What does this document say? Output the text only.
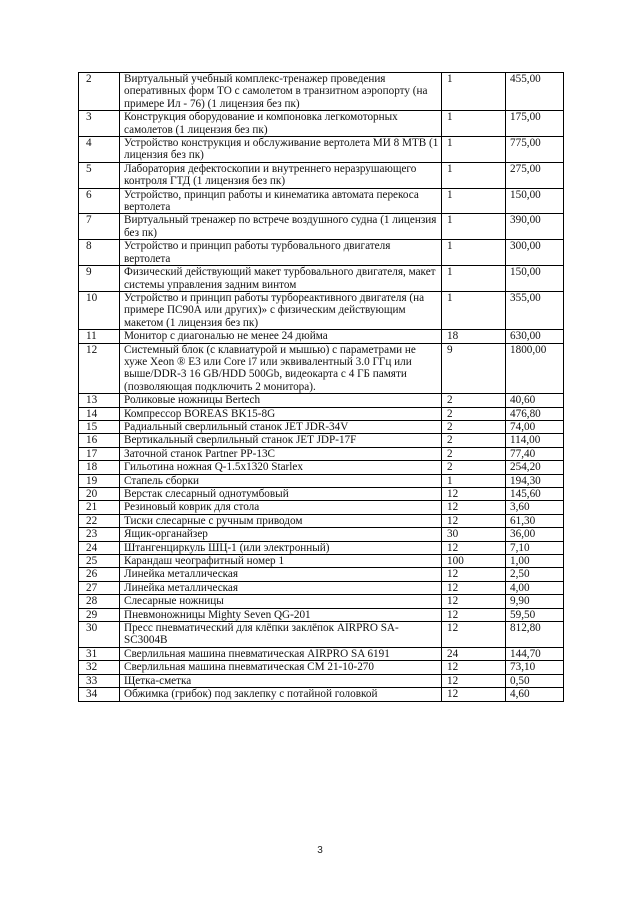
2	Виртуальный учебный комплекс-тренажер проведения оперативных форм ТО с самолетом в транзитном аэропорту (на примере Ил - 76) (1 лицензия без пк)	1	455,00
3	Конструкция оборудование и компоновка легкомоторных самолетов (1 лицензия без пк)	1	175,00
4	Устройство конструкция и обслуживание вертолета МИ 8 МТВ (1 лицензия без пк)	1	775,00
5	Лаборатория дефектоскопии и внутреннего неразрушающего контроля ГТД (1 лицензия без пк)	1	275,00
6	Устройство, принцип работы и кинематика автомата перекоса вертолета	1	150,00
7	Виртуальный тренажер по встрече воздушного судна (1 лицензия без пк)	1	390,00
8	Устройство и принцип работы турбовального двигателя вертолета	1	300,00
9	Физический действующий макет турбовального двигателя, макет системы управления задним винтом	1	150,00
10	Устройство и принцип работы турбореактивного двигателя (на примере ПС90А или других)» с физическим действующим макетом (1 лицензия без пк)	1	355,00
11	Монитор с диагональю не менее 24 дюйма	18	630,00
12	Системный блок (с клавиатурой и мышью) с параметрами не хуже Xeon ® E3 или Core i7 или эквивалентный 3.0 ГГц или выше/DDR-3 16 GB/HDD 500Gb, видеокарта с 4 ГБ памяти (позволяющая подключить 2 монитора).	9	1800,00
13	Роликовые ножницы Bertech	2	40,60
14	Компрессор BOREAS BK15-8G	2	476,80
15	Радиальный сверлильный станок JET JDR-34V	2	74,00
16	Вертикальный сверлильный станок JET JDP-17F	2	114,00
17	Заточной станок Partner PP-13C	2	77,40
18	Гильотина ножная Q-1.5x1320 Starlex	2	254,20
19	Стапель сборки	1	194,30
20	Верстак слесарный однотумбовый	12	145,60
21	Резиновый коврик для стола	12	3,60
22	Тиски слесарные с ручным приводом	12	61,30
23	Ящик-органайзер	30	36,00
24	Штангенциркуль ШЦ-1 (или электронный)	12	7,10
25	Карандаш чеографитный номер 1	100	1,00
26	Линейка металлическая	12	2,50
27	Линейка металлическая	12	4,00
28	Слесарные ножницы	12	9,90
29	Пневмоножницы Mighty Seven QG-201	12	59,50
30	Пресс пневматический для клёпки заклёпок AIRPRO SA-SC3004B	12	812,80
31	Сверлильная машина пневматическая AIRPRO SA 6191	24	144,70
32	Сверлильная машина пневматическая CM 21-10-270	12	73,10
33	Щетка-сметка	12	0,50
34	Обжимка (грибок) под заклепку с потайной головкой	12	4,60
3
